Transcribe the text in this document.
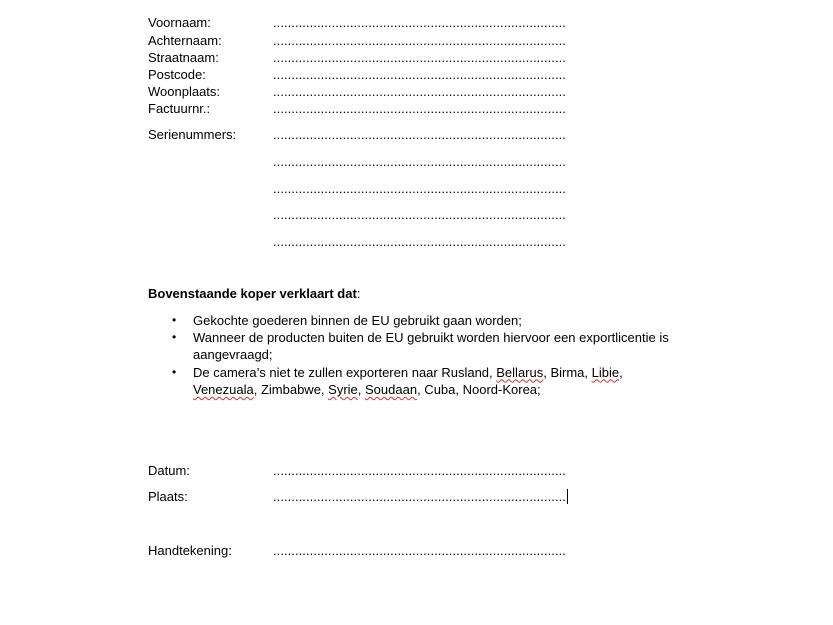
Voornaam:	................................................................................
Achternaam:	................................................................................
Straatnaam:	................................................................................
Postcode:	................................................................................
Woonplaats:	................................................................................
Factuurnr.:	................................................................................
Serienummers:	................................................................................
................................................................................
................................................................................
................................................................................
................................................................................
Bovenstaande koper verklaart dat:
• Gekochte goederen binnen de EU gebruikt gaan worden;
• Wanneer de producten buiten de EU gebruikt worden hiervoor een exportlicentie is aangevraagd;
• De camera’s niet te zullen exporteren naar Rusland, Bellarus, Birma, Libie, Venezuala, Zimbabwe, Syrie, Soudaan, Cuba, Noord-Korea;
Datum:	................................................................................
Plaats:	................................................................................
Handtekening:	................................................................................
